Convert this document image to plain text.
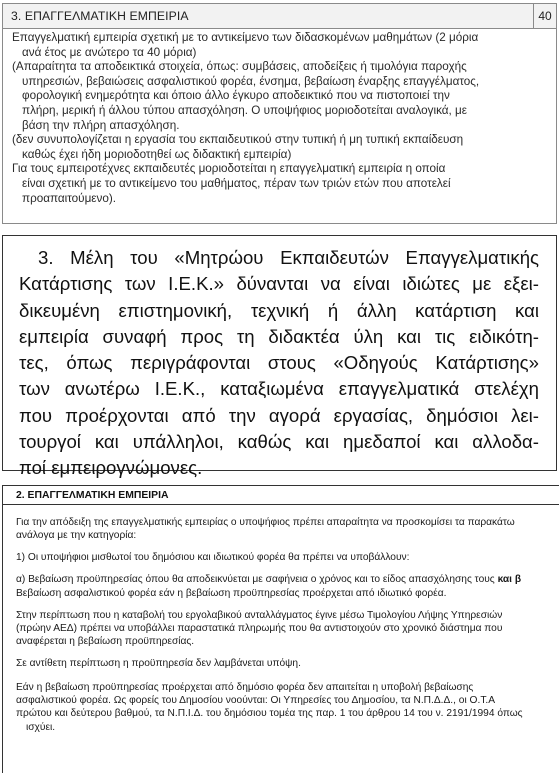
3. ΕΠΑΓΓΕΛΜΑΤΙΚΗ ΕΜΠΕΙΡΙΑ	40

Επαγγελματική εμπειρία σχετική με το αντικείμενο των διδασκομένων μαθημάτων (2 μόρια

ανά έτος με ανώτερο τα 40 μόρια)

(Απαραίτητα τα αποδεικτικά στοιχεία, όπως: συμβάσεις, αποδείξεις ή τιμολόγια παροχής

υπηρεσιών, βεβαιώσεις ασφαλιστικού φορέα, ένσημα, βεβαίωση έναρξης επαγγέλματος,

φορολογική ενημερότητα και όποιο άλλο έγκυρο αποδεικτικό που να πιστοποιεί την

πλήρη, μερική ή άλλου τύπου απασχόληση. Ο υποψήφιος μοριοδοτείται αναλογικά, με

βάση την πλήρη απασχόληση.

(δεν συνυπολογίζεται η εργασία του εκπαιδευτικού στην τυπική ή μη τυπική εκπαίδευση

καθώς έχει ήδη μοριοδοτηθεί ως διδακτική εμπειρία)

Για τους εμπειροτέχνες εκπαιδευτές μοριοδοτείται η επαγγελματική εμπειρία η οποία

είναι σχετική με το αντικείμενο του μαθήματος, πέραν των τριών ετών που αποτελεί

προαπαιτούμενο).

3. Μέλη του «Μητρώου Εκπαιδευτών Επαγγελματικής
Κατάρτισης των Ι.Ε.Κ.» δύνανται να είναι ιδιώτες με εξει-
δικευμένη επιστημονική, τεχνική ή άλλη κατάρτιση και
εμπειρία συναφή προς τη διδακτέα ύλη και τις ειδικότη-
τες, όπως περιγράφονται στους «Οδηγούς Κατάρτισης»
των ανωτέρω Ι.Ε.Κ., καταξιωμένα επαγγελματικά στελέχη
που προέρχονται από την αγορά εργασίας, δημόσιοι λει-
τουργοί και υπάλληλοι, καθώς και ημεδαποί και αλλοδα-
ποί εμπειρογνώμονες.
2. ΕΠΑΓΓΕΛΜΑΤΙΚΗ ΕΜΠΕΙΡΙΑ

Για την απόδειξη της επαγγελματικής εμπειρίας ο υποψήφιος πρέπει απαραίτητα να προσκομίσει τα παρακάτω
ανάλογα με την κατηγορία:

1) Οι υποψήφιοι μισθωτοί του δημόσιου και ιδιωτικού φορέα θα πρέπει να υποβάλλουν:

α) Βεβαίωση προϋπηρεσίας όπου θα αποδεικνύεται με σαφήνεια ο χρόνος και το είδος απασχόλησης τους και β
Βεβαίωση ασφαλιστικού φορέα εάν η βεβαίωση προϋπηρεσίας προέρχεται από ιδιωτικό φορέα.

Στην περίπτωση που η καταβολή του εργολαβικού ανταλλάγματος έγινε μέσω Τιμολογίου Λήψης Υπηρεσιών
(πρώην ΑΕΔ) πρέπει να υποβάλλει παραστατικά πληρωμής που θα αντιστοιχούν στο χρονικό διάστημα που
αναφέρεται η βεβαίωση προϋπηρεσίας.

Σε αντίθετη περίπτωση η προϋπηρεσία δεν λαμβάνεται υπόψη.

Εάν η βεβαίωση προϋπηρεσίας προέρχεται από δημόσιο φορέα δεν απαιτείται η υποβολή βεβαίωσης
ασφαλιστικού φορέα. Ως φορείς του Δημοσίου νοούνται: Οι Υπηρεσίες του Δημοσίου, τα Ν.Π.Δ.Δ., οι Ο.Τ.Α
πρώτου και δεύτερου βαθμού, τα Ν.Π.Ι.Δ. του δημόσιου τομέα της παρ. 1 του άρθρου 14 του ν. 2191/1994 όπως
ισχύει.
